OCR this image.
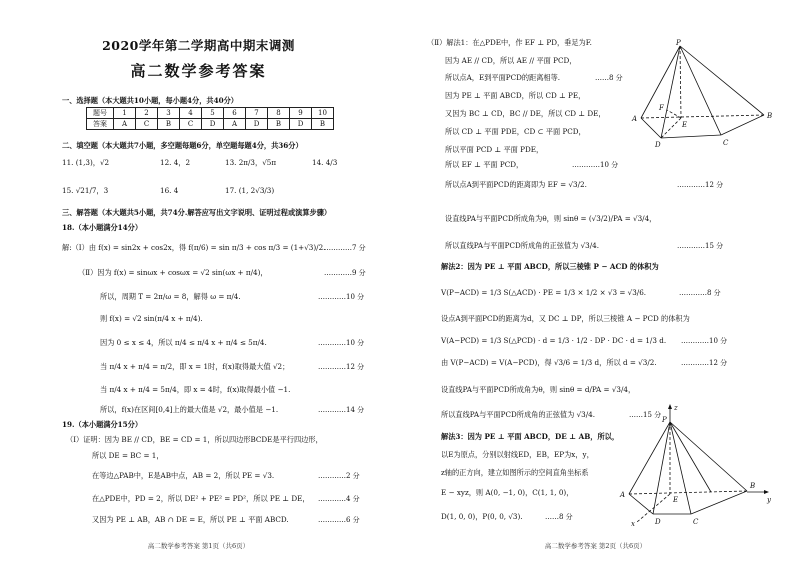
2020学年第二学期高中期末调测
高二数学参考答案
一、选择题（本大题共10小题，每小题4分，共40分）
题号	1	2	3	4	5	6	7	8	9	10
答案	A	C	B	C	D	A	D	B	D	B
二、填空题（本大题共7小题，多空题每题6分，单空题每题4分，共36分）
11. (1,3)，√2	12. 4，2	13. 2π/3，√5π	14. 4/3
15. √21/7，3	16. 4	17. (1, 2√3/3)
三、解答题（本大题共5小题，共74分.解答应写出文字说明、证明过程或演算步骤）
18.（本小题满分14分）
解:（Ⅰ）由 f(x) = sin2x + cos2x，得 f(π/6) = sin π/3 + cos π/3 = (1+√3)/2.
…………7 分
（Ⅱ）因为 f(x) = sinωx + cosωx = √2 sin(ωx + π/4)，	…………9 分
所以，周期 T = 2π/ω = 8，解得 ω = π/4.	…………10 分
则 f(x) = √2 sin(π/4 x + π/4).
因为 0 ≤ x ≤ 4，所以 π/4 ≤ π/4 x + π/4 ≤ 5π/4.	…………10 分
当 π/4 x + π/4 = π/2，即 x = 1时，f(x)取得最大值 √2；	…………12 分
当 π/4 x + π/4 = 5π/4，即 x = 4时，f(x)取得最小值 −1.
所以，f(x)在区间[0,4]上的最大值是 √2，最小值是 −1.	…………14 分
19.（本小题满分15分）
（Ⅰ）证明：因为 BE // CD，BE = CD = 1，所以四边形BCDE是平行四边形，
所以 DE = BC = 1，
在等边△PAB中，E是AB中点，AB = 2，所以 PE = √3.	…………2 分
在△PDE中，PD = 2，所以 DE² + PE² = PD²，所以 PE ⊥ DE， …………4 分
又因为 PE ⊥ AB，AB ∩ DE = E，所以 PE ⊥ 平面 ABCD.	…………6 分
高二数学参考答案 第1页（共6页）
（Ⅱ）解法1：在△PDE中，作 EF ⊥ PD，垂足为F.
因为 AE // CD，所以 AE // 平面 PCD，
所以点A，E到平面PCD的距离相等.	……8 分
因为 PE ⊥ 平面 ABCD，所以 CD ⊥ PE，
又因为 BC ⊥ CD，BC // DE，所以 CD ⊥ DE，
所以 CD ⊥ 平面 PDE，CD ⊂ 平面 PCD，
所以平面 PCD ⊥ 平面 PDE，
所以 EF ⊥ 平面 PCD，	…………10 分
所以点A到平面PCD的距离即为 EF = √3/2.	…………12 分
设直线PA与平面PCD所成角为θ，则 sinθ = (√3/2)/PA = √3/4，
所以直线PA与平面PCD所成角的正弦值为 √3/4.	…………15 分
解法2：因为 PE ⊥ 平面 ABCD，所以三棱锥 P − ACD 的体积为
V(P−ACD) = 1/3 S(△ACD) · PE = 1/3 × 1/2 × √3 = √3/6.	…………8 分
设点A到平面PCD的距离为d，又 DC ⊥ DP，所以三棱锥 A − PCD 的体积为
V(A−PCD) = 1/3 S(△PCD) · d = 1/3 · 1/2 · DP · DC · d = 1/3 d. …………10 分
由 V(P−ACD) = V(A−PCD)，得 √3/6 = 1/3 d，所以 d = √3/2.	…………12 分
设直线PA与平面PCD所成角为θ，则 sinθ = d/PA = √3/4，
所以直线PA与平面PCD所成角的正弦值为 √3/4.	……15 分
解法3：因为 PE ⊥ 平面 ABCD，DE ⊥ AB，所以，
以E为原点，分别以射线ED，EB，EP为x，y，
z轴的正方向，建立如图所示的空间直角坐标系
E − xyz，则 A(0, −1, 0)，C(1, 1, 0)，
D(1, 0, 0)，P(0, 0, √3).	……8 分
P
A	B
C
D
E
F
z
P
A
B
C
D
E
x
y
高二数学参考答案 第2页（共6页）
